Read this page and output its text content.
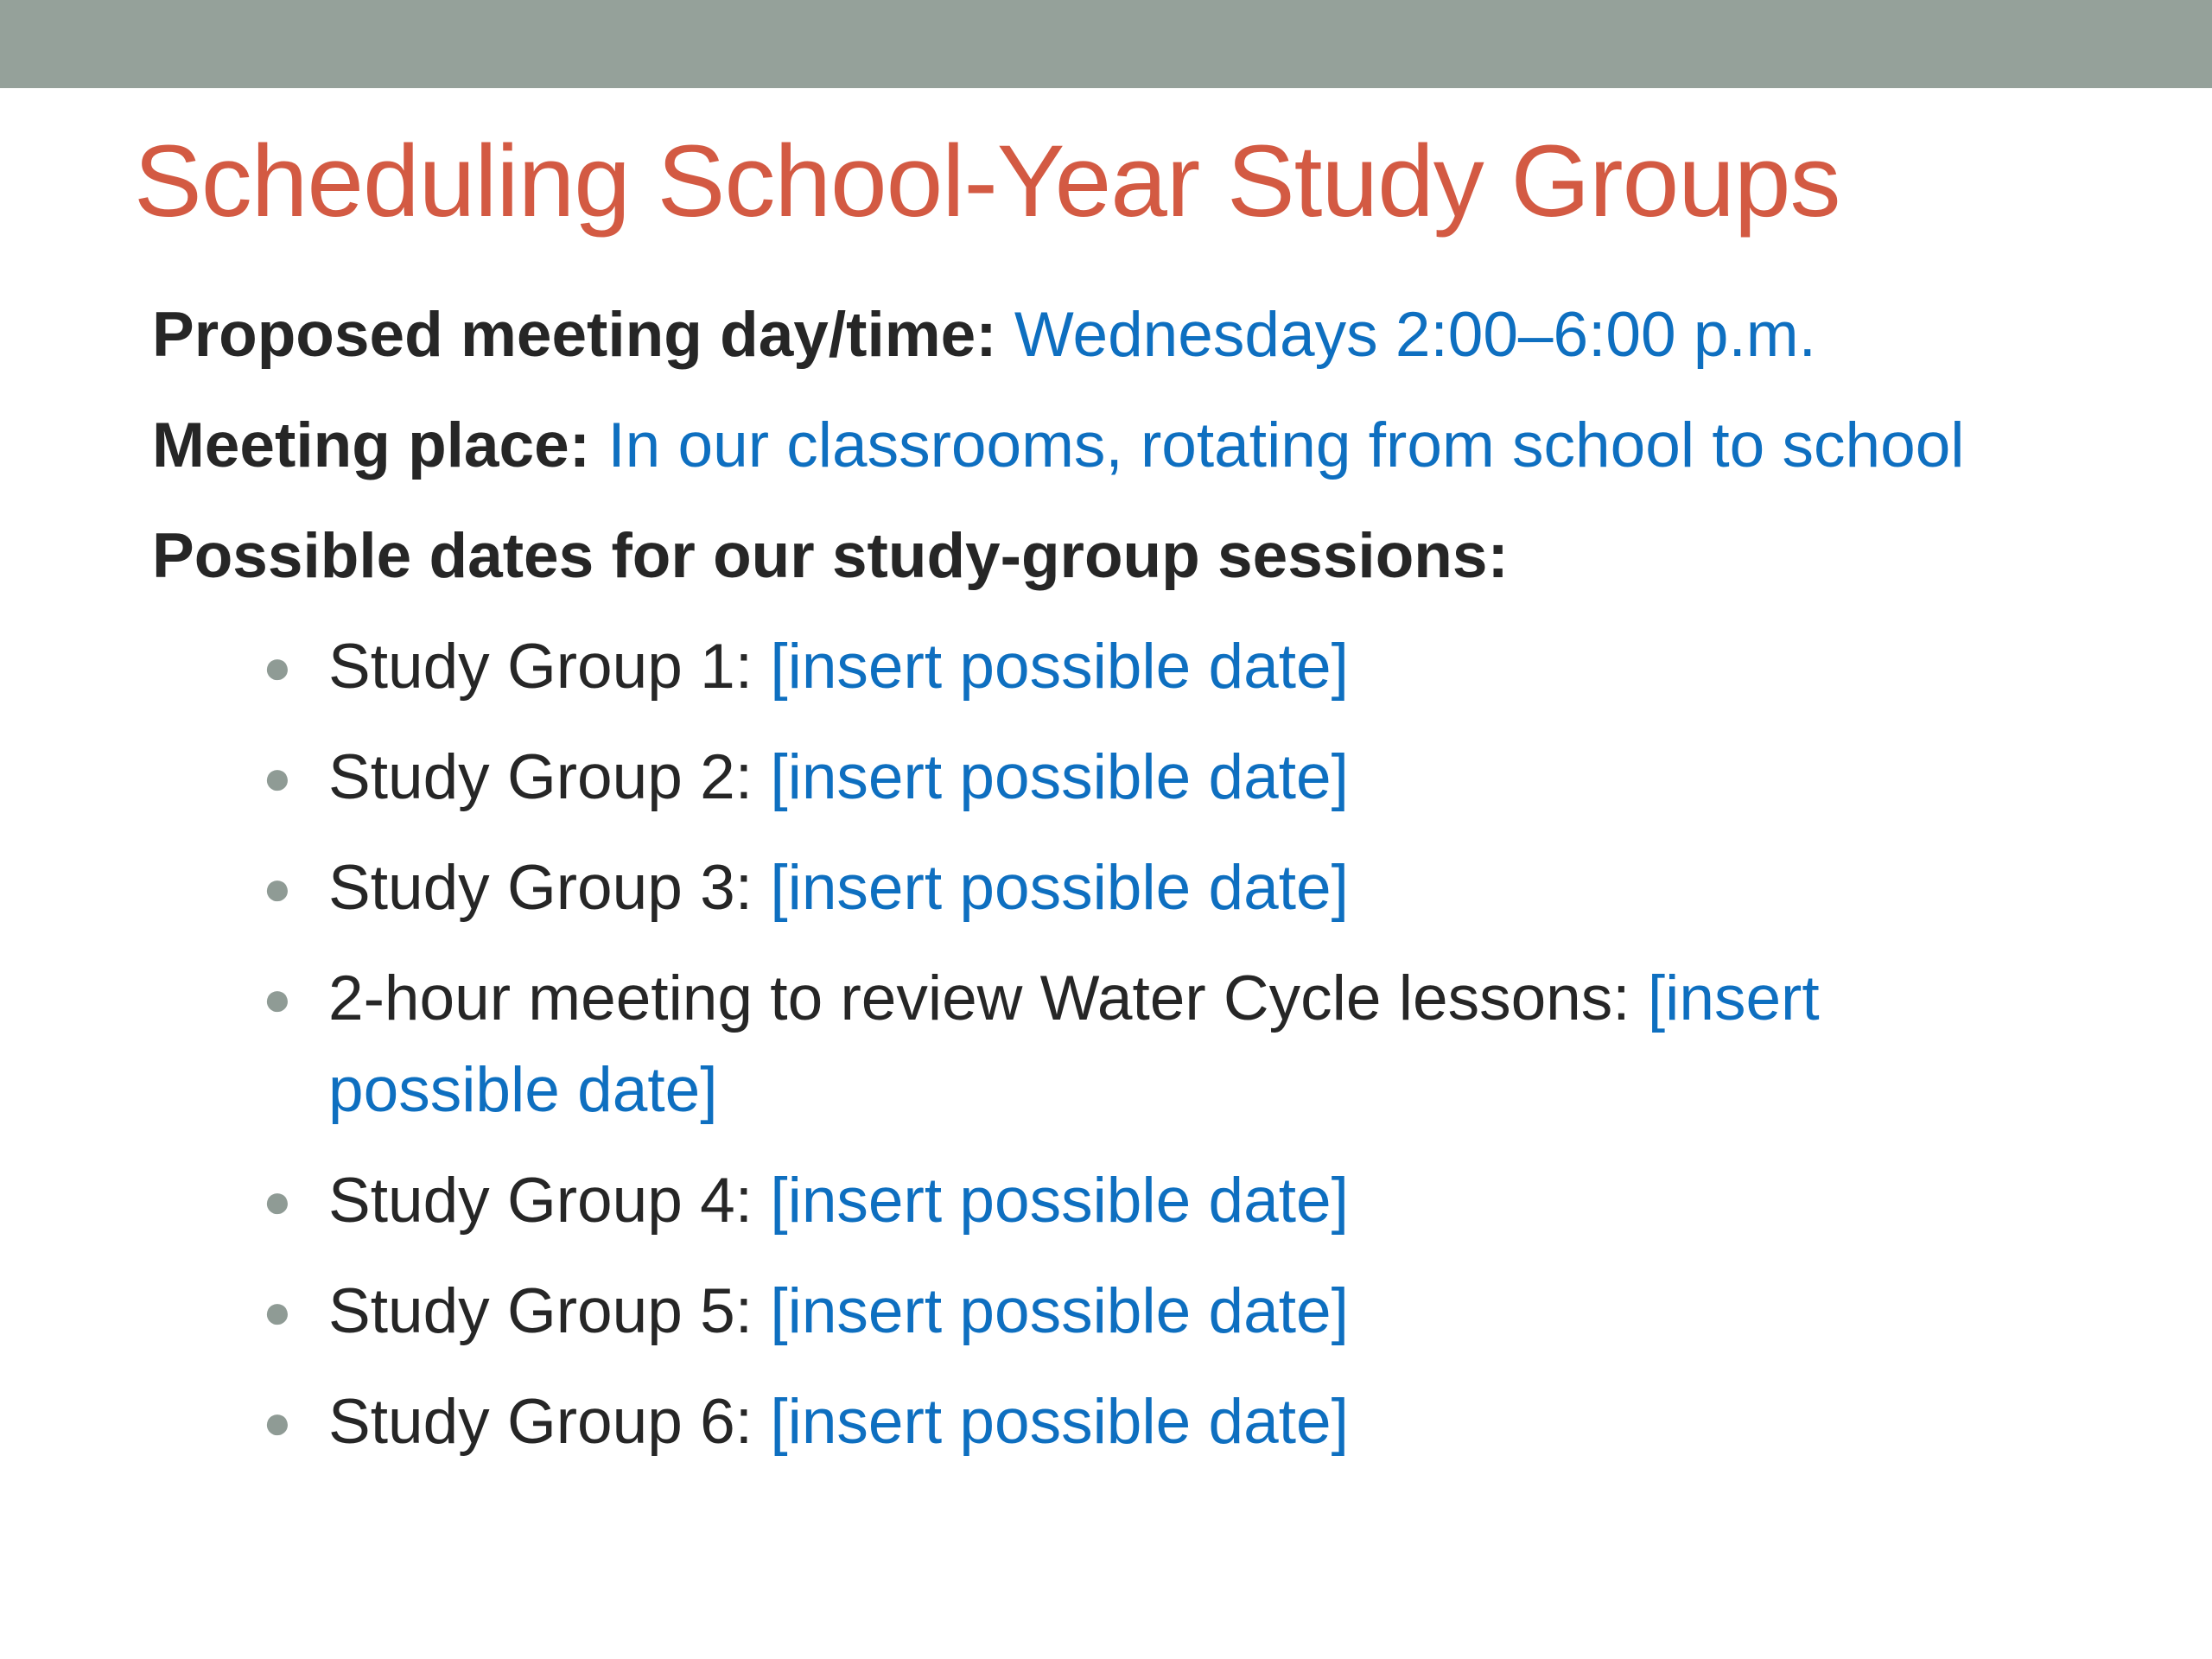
Scheduling School-Year Study Groups

Proposed meeting day/time: Wednesdays 2:00–6:00 p.m.

Meeting place: In our classrooms, rotating from school to school

Possible dates for our study-group sessions:

● Study Group 1: [insert possible date]
● Study Group 2: [insert possible date]
● Study Group 3: [insert possible date]
● 2-hour meeting to review Water Cycle lessons: [insert possible date]
● Study Group 4: [insert possible date]
● Study Group 5: [insert possible date]
● Study Group 6: [insert possible date]
